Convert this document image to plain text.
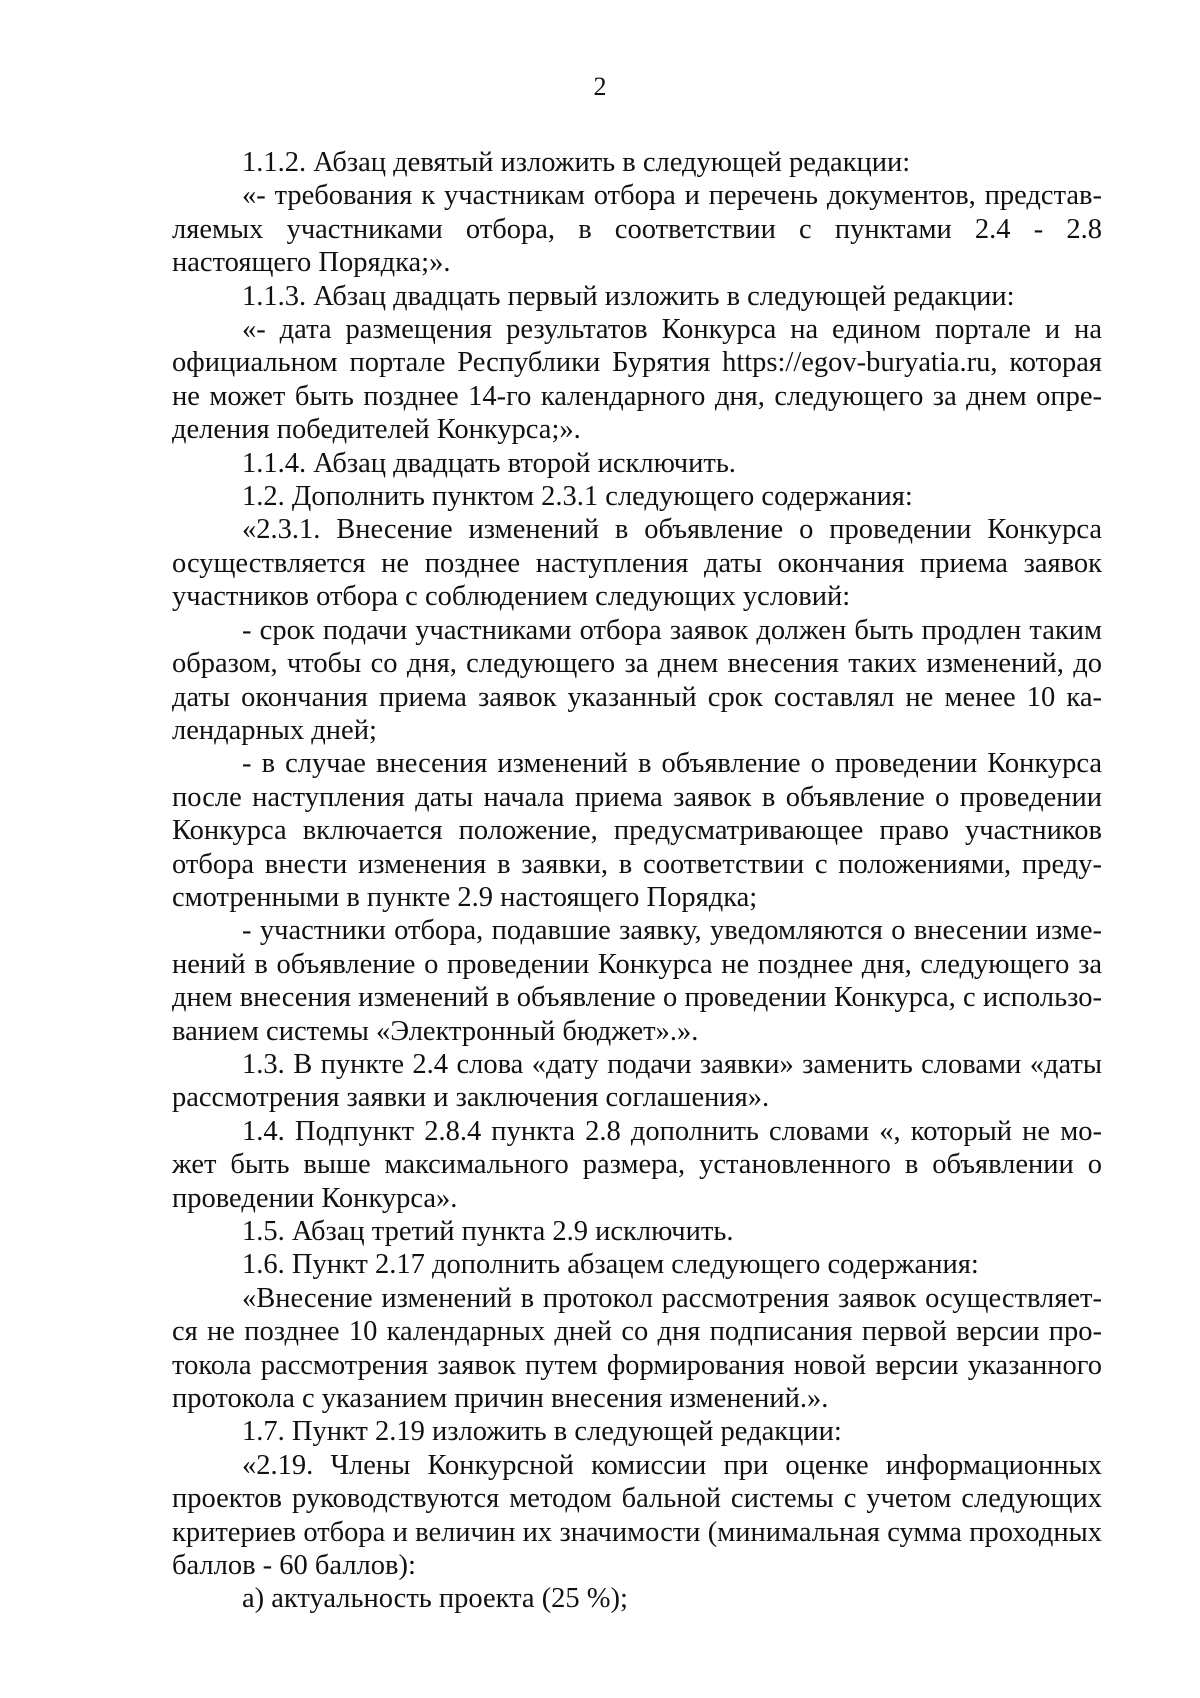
2

1.1.2. Абзац девятый изложить в следующей редакции:

«- требования к участникам отбора и перечень документов, представляемых участниками отбора, в соответствии с пунктами 2.4 - 2.8 настоящего Порядка;».

1.1.3. Абзац двадцать первый изложить в следующей редакции:

«- дата размещения результатов Конкурса на едином портале и на официальном портале Республики Бурятия https://egov-buryatia.ru, которая не может быть позднее 14-го календарного дня, следующего за днем определения победителей Конкурса;».

1.1.4. Абзац двадцать второй исключить.

1.2. Дополнить пунктом 2.3.1 следующего содержания:

«2.3.1. Внесение изменений в объявление о проведении Конкурса осуществляется не позднее наступления даты окончания приема заявок участников отбора с соблюдением следующих условий:

- срок подачи участниками отбора заявок должен быть продлен таким образом, чтобы со дня, следующего за днем внесения таких изменений, до даты окончания приема заявок указанный срок составлял не менее 10 календарных дней;

- в случае внесения изменений в объявление о проведении Конкурса после наступления даты начала приема заявок в объявление о проведении Конкурса включается положение, предусматривающее право участников отбора внести изменения в заявки, в соответствии с положениями, предусмотренными в пункте 2.9 настоящего Порядка;

- участники отбора, подавшие заявку, уведомляются о внесении изменений в объявление о проведении Конкурса не позднее дня, следующего за днем внесения изменений в объявление о проведении Конкурса, с использованием системы «Электронный бюджет».».

1.3. В пункте 2.4 слова «дату подачи заявки» заменить словами «даты рассмотрения заявки и заключения соглашения».

1.4. Подпункт 2.8.4 пункта 2.8 дополнить словами «, который не может быть выше максимального размера, установленного в объявлении о проведении Конкурса».

1.5. Абзац третий пункта 2.9 исключить.

1.6. Пункт 2.17 дополнить абзацем следующего содержания:

«Внесение изменений в протокол рассмотрения заявок осуществляется не позднее 10 календарных дней со дня подписания первой версии протокола рассмотрения заявок путем формирования новой версии указанного протокола с указанием причин внесения изменений.».

1.7. Пункт 2.19 изложить в следующей редакции:

«2.19. Члены Конкурсной комиссии при оценке информационных проектов руководствуются методом бальной системы с учетом следующих критериев отбора и величин их значимости (минимальная сумма проходных баллов - 60 баллов):

а) актуальность проекта (25 %);
